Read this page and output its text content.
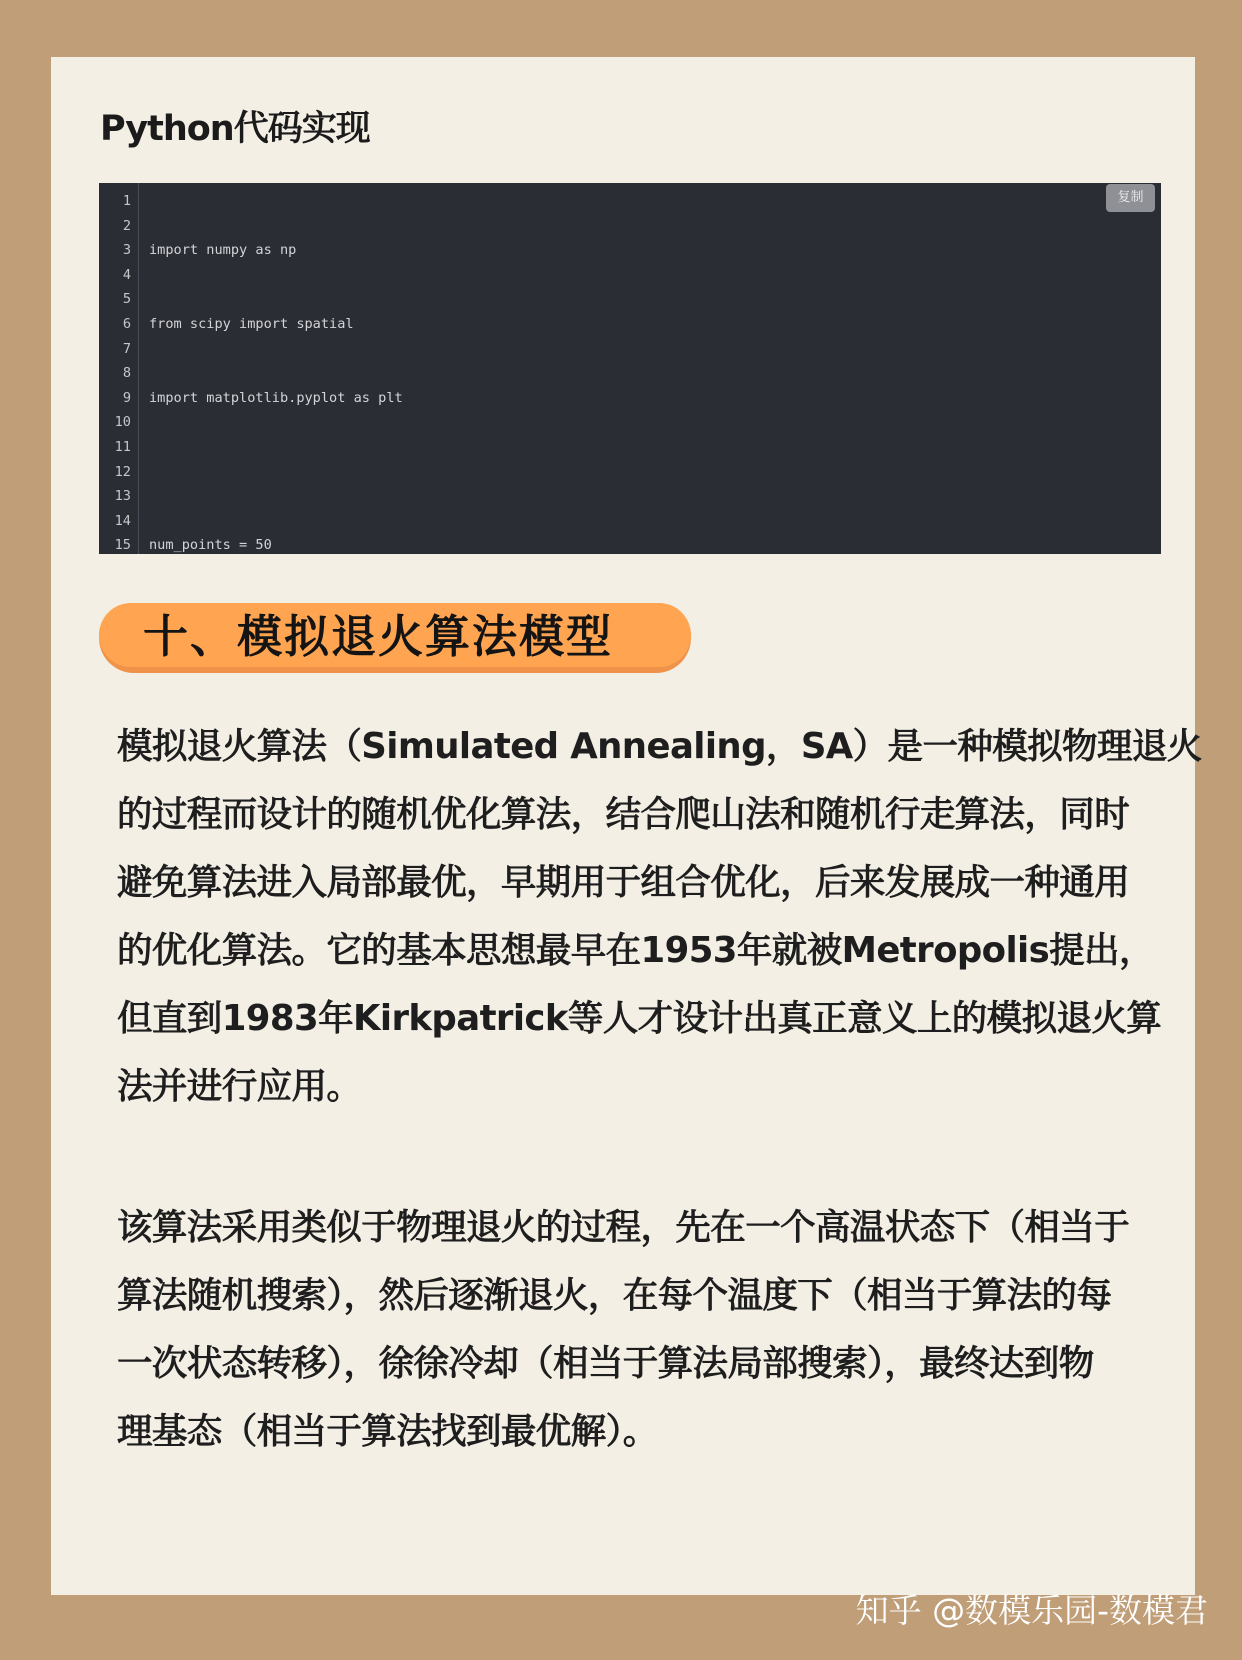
Python代码实现
1
2
3
4
5
6
7
8
9
10
11
12
13
14
15

import numpy as np

from scipy import spatial

import matplotlib.pyplot as plt

num_points = 50

复制
十、模拟退火算法模型
模拟退火算法（Simulated Annealing，SA）是一种模拟物理退火
的过程而设计的随机优化算法，结合爬山法和随机行走算法，同时
避免算法进入局部最优，早期用于组合优化，后来发展成一种通用
的优化算法。它的基本思想最早在1953年就被Metropolis提出，
但直到1983年Kirkpatrick等人才设计出真正意义上的模拟退火算
法并进行应用。
该算法采用类似于物理退火的过程，先在一个高温状态下（相当于
算法随机搜索），然后逐渐退火，在每个温度下（相当于算法的每
一次状态转移），徐徐冷却（相当于算法局部搜索），最终达到物
理基态（相当于算法找到最优解）。
知乎 @数模乐园-数模君
